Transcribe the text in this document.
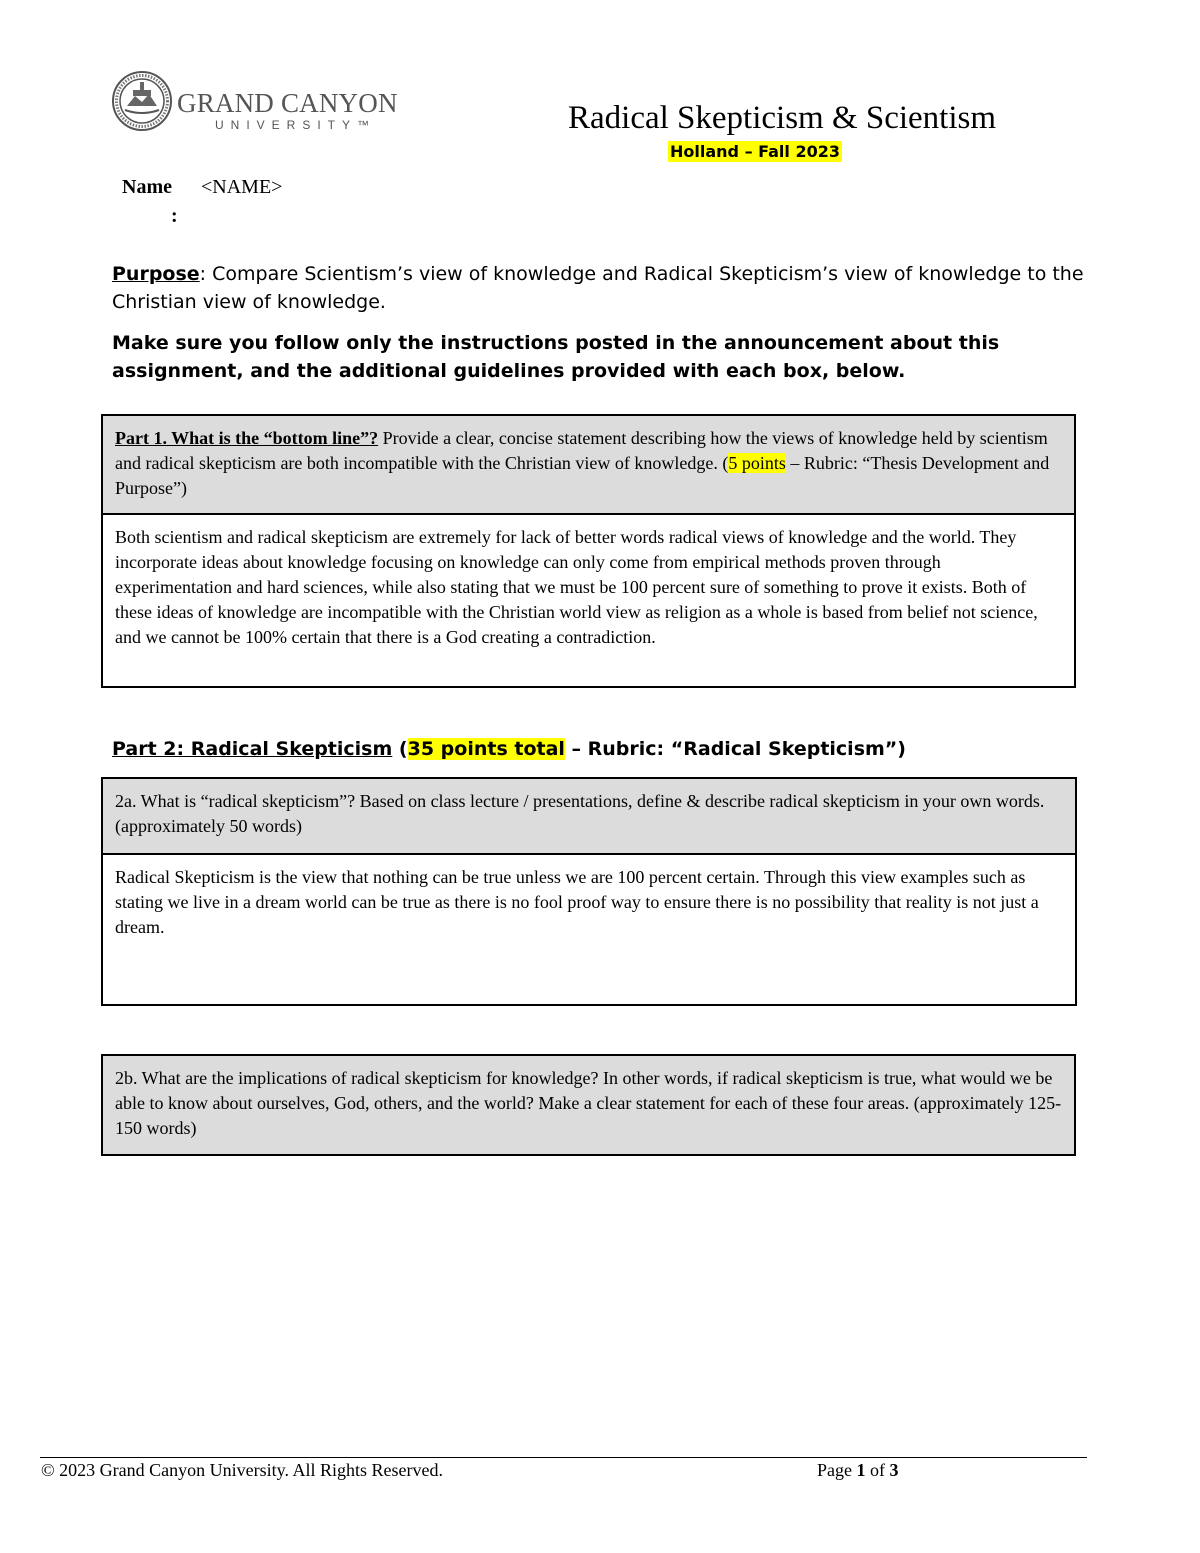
GRAND CANYON
UNIVERSITY™	Radical Skepticism & Scientism
Holland – Fall 2023
Name
:
<NAME>
Purpose: Compare Scientism’s view of knowledge and Radical Skepticism’s view of knowledge to the Christian view of knowledge.
Make sure you follow only the instructions posted in the announcement about this assignment, and the additional guidelines provided with each box, below.
Part 1. What is the “bottom line”? Provide a clear, concise statement describing how the views of knowledge held by scientism and radical skepticism are both incompatible with the Christian view of knowledge. (5 points – Rubric: “Thesis Development and Purpose”)
Both scientism and radical skepticism are extremely for lack of better words radical views of knowledge and the world. They incorporate ideas about knowledge focusing on knowledge can only come from empirical methods proven through experimentation and hard sciences, while also stating that we must be 100 percent sure of something to prove it exists. Both of these ideas of knowledge are incompatible with the Christian world view as religion as a whole is based from belief not science, and we cannot be 100% certain that there is a God creating a contradiction.
Part 2: Radical Skepticism (35 points total – Rubric: “Radical Skepticism”)
2a. What is “radical skepticism”? Based on class lecture / presentations, define & describe radical skepticism in your own words. (approximately 50 words)
Radical Skepticism is the view that nothing can be true unless we are 100 percent certain. Through this view examples such as stating we live in a dream world can be true as there is no fool proof way to ensure there is no possibility that reality is not just a dream.
2b. What are the implications of radical skepticism for knowledge? In other words, if radical skepticism is true, what would we be able to know about ourselves, God, others, and the world? Make a clear statement for each of these four areas. (approximately 125-150 words)
© 2023 Grand Canyon University. All Rights Reserved.	Page 1 of 3
